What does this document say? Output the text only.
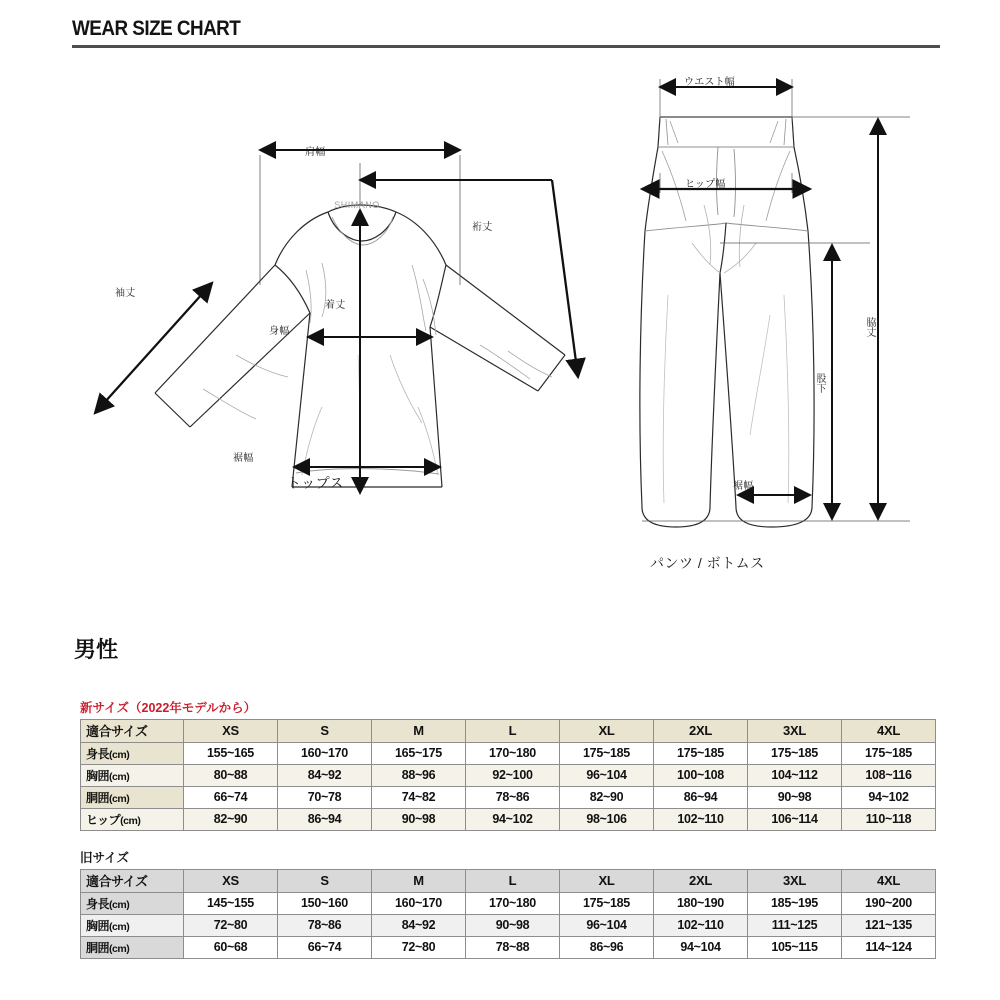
WEAR SIZE CHART
SHIMANO
肩幅
裄丈
袖丈
着丈
身幅
裾幅
トップス
ウエスト幅
ヒップ幅
脇丈
股下
裾幅
パンツ / ボトムス
男性
新サイズ（2022年モデルから）
適合サイズ	XS	S	M	L	XL	2XL	3XL	4XL
身長(cm)	155~165	160~170	165~175	170~180	175~185	175~185	175~185	175~185
胸囲(cm)	80~88	84~92	88~96	92~100	96~104	100~108	104~112	108~116
胴囲(cm)	66~74	70~78	74~82	78~86	82~90	86~94	90~98	94~102
ヒップ(cm)	82~90	86~94	90~98	94~102	98~106	102~110	106~114	110~118
旧サイズ
適合サイズ	XS	S	M	L	XL	2XL	3XL	4XL
身長(cm)	145~155	150~160	160~170	170~180	175~185	180~190	185~195	190~200
胸囲(cm)	72~80	78~86	84~92	90~98	96~104	102~110	111~125	121~135
胴囲(cm)	60~68	66~74	72~80	78~88	86~96	94~104	105~115	114~124
